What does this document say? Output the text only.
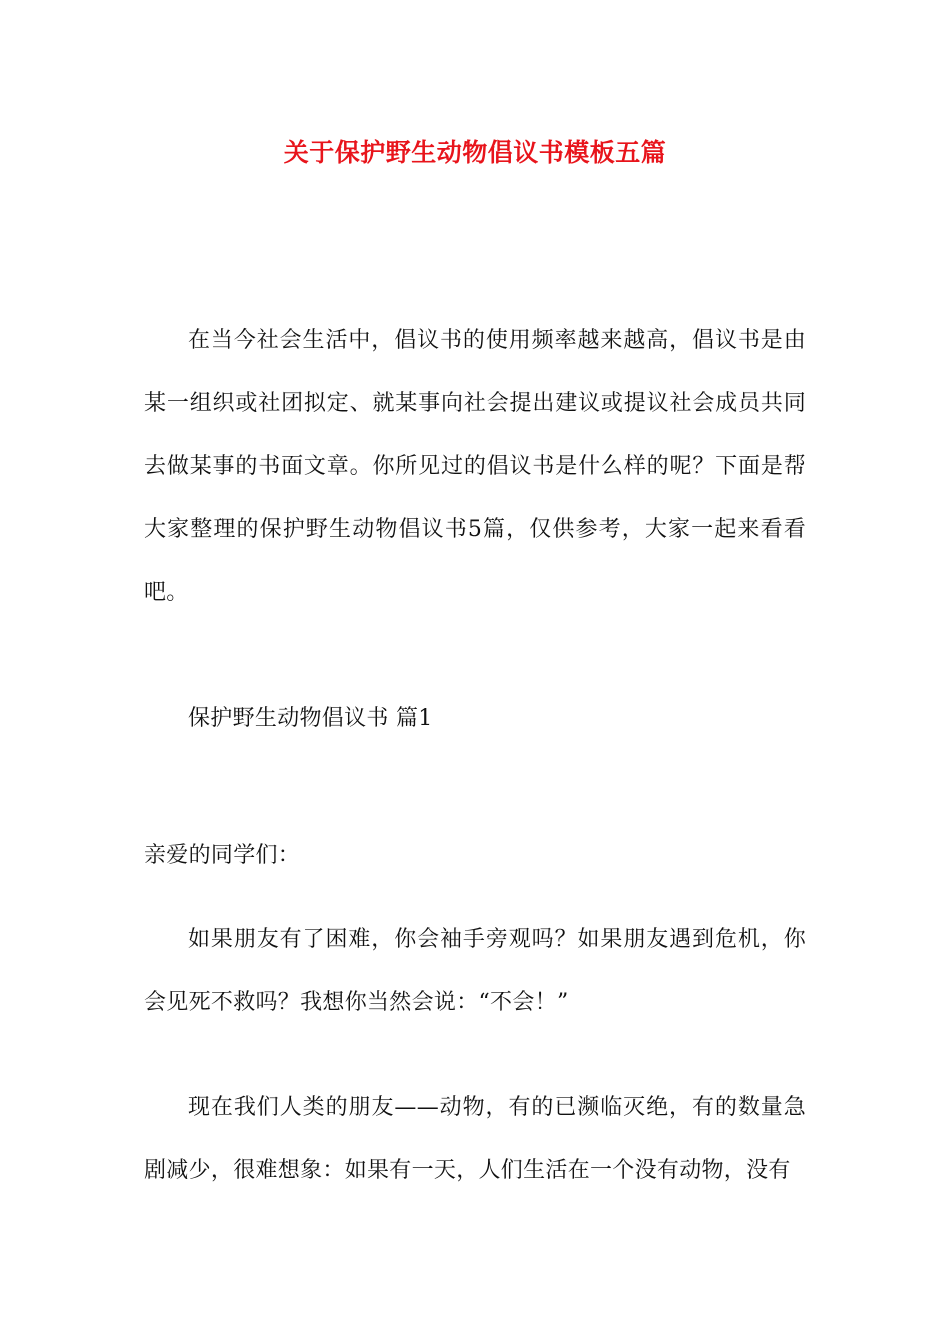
关于保护野生动物倡议书模板五篇

在当今社会生活中，倡议书的使用频率越来越高，倡议书是由某一组织或社团拟定、就某事向社会提出建议或提议社会成员共同去做某事的书面文章。你所见过的倡议书是什么样的呢？下面是帮大家整理的保护野生动物倡议书5篇，仅供参考，大家一起来看看吧。

保护野生动物倡议书 篇1

亲爱的同学们：

如果朋友有了困难，你会袖手旁观吗？如果朋友遇到危机，你会见死不救吗？我想你当然会说：“不会！”

现在我们人类的朋友——动物，有的已濒临灭绝，有的数量急剧减少，很难想象：如果有一天，人们生活在一个没有动物，没有
